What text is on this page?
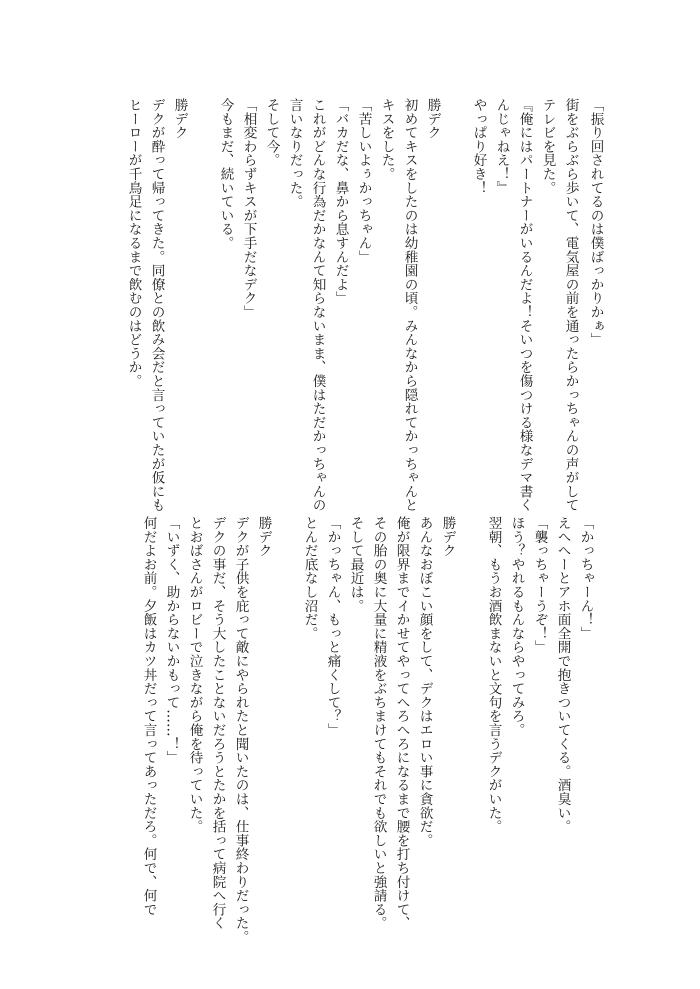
「振り回されてるのは僕ばっかりかぁ」
街をぶらぶら歩いて、電気屋の前を通ったらかっちゃんの声がして
テレビを見た。
『俺にはパートナーがいるんだよ！そいつを傷つける様なデマ書く
んじゃねえ！』
やっぱり好き！
勝デク
初めてキスをしたのは幼稚園の頃。みんなから隠れてかっちゃんと
キスをした。
「苦しいよぅかっちゃん」
「バカだな、鼻から息すんだよ」
これがどんな行為だかなんて知らないまま、僕はただかっちゃんの
言いなりだった。
そして今。
「相変わらずキスが下手だなデク」
今もまだ、続いている。
勝デク
デクが酔って帰ってきた。同僚との飲み会だと言っていたが仮にも
ヒーローが千鳥足になるまで飲むのはどうか。
「かっちゃーん！」
えへへーとアホ面全開で抱きついてくる。酒臭い。
「襲っちゃーうぞ！」
ほう？やれるもんならやってみろ。
翌朝、もうお酒飲まないと文句を言うデクがいた。
勝デク
あんなおぼこい顔をして、デクはエロい事に貪欲だ。
俺が限界までイかせてやってへろへろになるまで腰を打ち付けて、
その胎の奥に大量に精液をぶちまけてもそれでも欲しいと強請る。
そして最近は。
「かっちゃん、もっと痛くして？」
とんだ底なし沼だ。
勝デク
デクが子供を庇って敵にやられたと聞いたのは、仕事終わりだった。
デクの事だ、そう大したことないだろうとたかを括って病院へ行く
とおばさんがロビーで泣きながら俺を待っていた。
「いずく、助からないかもって……！」
何だよお前。夕飯はカツ丼だって言ってあっただろ。何で、何で
